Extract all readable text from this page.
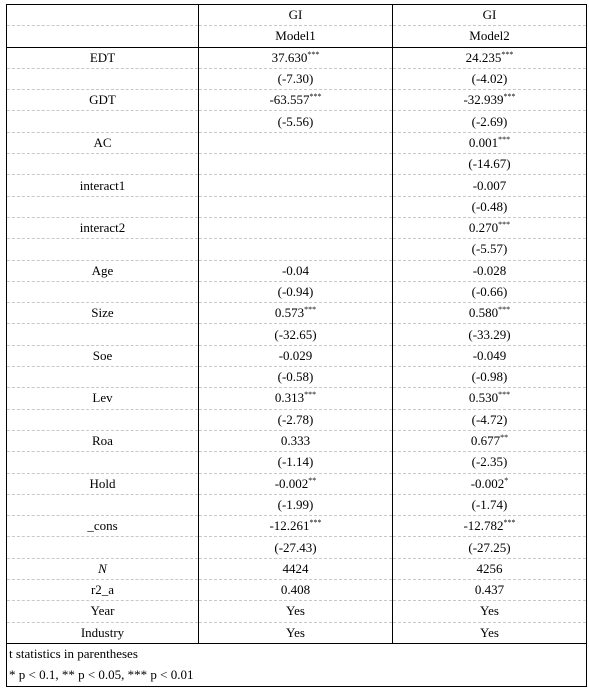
	GI	GI
	Model1	Model2
EDT	37.630***	24.235***
	(-7.30)	(-4.02)
GDT	-63.557***	-32.939***
	(-5.56)	(-2.69)
AC		0.001***
		(-14.67)
interact1		-0.007
		(-0.48)
interact2		0.270***
		(-5.57)
Age	-0.04	-0.028
	(-0.94)	(-0.66)
Size	0.573***	0.580***
	(-32.65)	(-33.29)
Soe	-0.029	-0.049
	(-0.58)	(-0.98)
Lev	0.313***	0.530***
	(-2.78)	(-4.72)
Roa	0.333	0.677**
	(-1.14)	(-2.35)
Hold	-0.002**	-0.002*
	(-1.99)	(-1.74)
_cons	-12.261***	-12.782***
	(-27.43)	(-27.25)
N	4424	4256
r2_a	0.408	0.437
Year	Yes	Yes
Industry	Yes	Yes
t statistics in parentheses		
* p < 0.1, ** p < 0.05, *** p < 0.01		
